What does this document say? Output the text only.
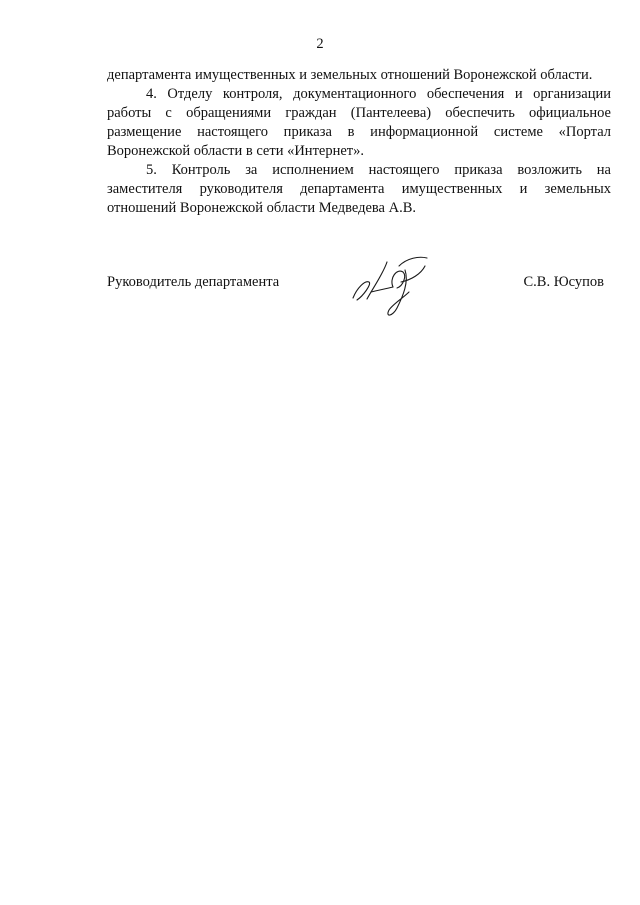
2

департамента имущественных и земельных отношений Воронежской области.

4. Отделу контроля, документационного обеспечения и организации работы с обращениями граждан (Пантелеева) обеспечить официальное размещение настоящего приказа в информационной системе «Портал Воронежской области в сети «Интернет».

5. Контроль за исполнением настоящего приказа возложить на заместителя руководителя департамента имущественных и земельных отношений Воронежской области Медведева А.В.

Руководитель департамента	С.В. Юсупов
